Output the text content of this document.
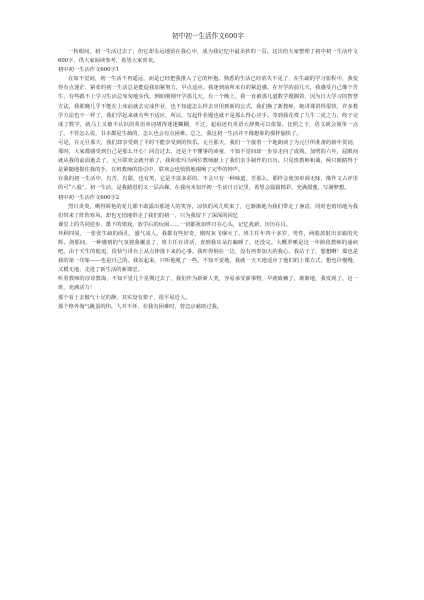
初中初一生活作文600字

一转眼间，初一生活过去了，但它却永远地留在我心中，成为我记忆中最美妙的一页。这次给大家整理了初中初一生活作文600字，供大家阅读参考，希望大家喜欢。

初中初一生活作文600字1

在如不觉间，初一生活不再遥远，而是已经把我推入了它的怀抱。熟悉的生活已经消失不见了，在生疏的学习旅程中，我变得有点迷茫、紧张的初一生活总是能促我加紧努力，早点适应。我迷到前所未有的紧迫感，在开学的前几天，我感受自己像个苦生，有些跟不上学习生活总匆匆地步伐。例如刚刚开学那几天，有一个晚上，我一直被那几道数学题搁着，因为日大学习的智慧方法，我那晚几乎不能在上床前就去完成作业，也不知道怎么样去应用到新的公式，我们换了新教师，她讲课讲得很快，许多教学方法也不一样了，我们学起来就有些不适应，所以，写起作业题也就不是那么得心应手。等到我花费了九牛二虎之力，终于完成了数学，就马上又被不认识的英语单词堵得迷迷糊糊，不过，起码还有英语大辞典可以依靠。比照之下，语文就会简单一点了，不管怎么说，书本都是生疏的，怎么也会有点困难。总之，我这初一生活并不像想象的那样愉快了。

可是，在元旦那天，我们却享受到了平时不能享受到的快乐。元旦那天，我们一个接着一个地朗读了为元旦所准备的新年贺词，那时，大家都感受到自己是那么开心！回首过去，还是个不懂事的顽童，不知不觉间却一步步走向了成熟，加劈的六年，屁眼间就从我的前面逝去了。元旦联欢会就开始了，我和张玛为两位教师献上了我们亲手制作的日历。只见班教师和蔼，两只眼睛得于是紧随地握住我的手，在班教师的指引中，联欢会也悄悄地揭响了完毕的钟声。

在我的初一生活中，有苦，有甜，也有笑，它是丰富多彩的，不会只有一种味道，苦那么，那样会使加单调无味，像作文占评里的可“八股”。初一生活，是我踏进的又一层高梯，在我向未知开初一生活日日记里，希望会篇篇精彩，充满甜蜜，写满梦想。

初中初一生活作文600字2

烈日炎炎，晒得娇艳的花儿都不敢露出那迷人的笑容，凉快的风儿吹来了，它渐渐地为我们带走了暑意，同时也悄悄地为我们带来了阵阵寒风，却也无悄地带走了我们的初一，只为我留下了深深的回忆

课堂上的共同逆步，谍下的嬉戏，放学后的玩闹……一切都犹如昨日在心头，记忆犹新，历历在目。

坏顾四周，一张张生疏的面孔，盛气凌人。我都有些好奇，刚时灰飞烟灭了。班主任年四十多岁，男性，两眼放射出亲霸的光辉。剑那间，一种感情的气氛将我覆盖了，班主任在讲话，直到我耳朵打瞌睡了，还没完。大概罗嗦是这一年龄段教师的通病吧。由于天生的他追，很快与讲台上从点摔落下来的心事。我吓得倒在一边，没有再参加大的我心。我站于了，想想啊！那也是我的第一印象——也是自己的。我站起来，只听他吼了一些。不知不觉地，我就一天天地适应了他们的上课方式，想也许慢慢，又模无地，走进了新生活的新课堂。

听着教师的谆谆教诲，不知不觉几个星期过去了，我们作为新新人类，容易承受新事物，早就致赖了，渐渐地，我发现了，这一班，充满活力！

那个看上去傲气十足的静，其实没有架子，很平易近人。

那个格外淘气跳蛋的伟，人并不坏，在我有困难时，曾急京慈助过我。
